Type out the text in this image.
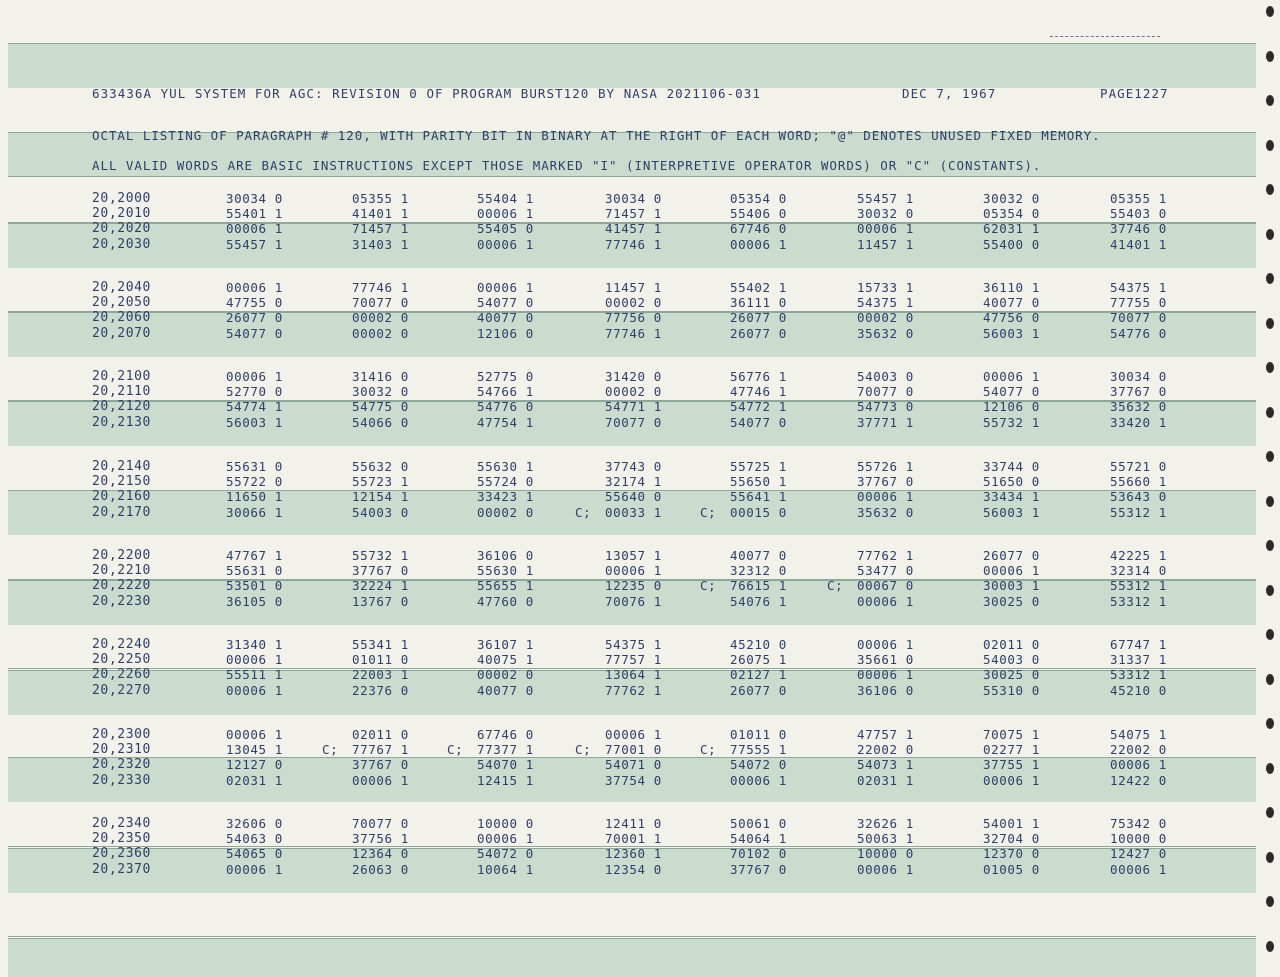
633436A YUL SYSTEM FOR AGC: REVISION 0 OF PROGRAM BURST120 BY NASA 2021106-031	DEC 7, 1967	PAGE1227
OCTAL LISTING OF PARAGRAPH # 120, WITH PARITY BIT IN BINARY AT THE RIGHT OF EACH WORD; "@" DENOTES UNUSED FIXED MEMORY.
ALL VALID WORDS ARE BASIC INSTRUCTIONS EXCEPT THOSE MARKED "I" (INTERPRETIVE OPERATOR WORDS) OR "C" (CONSTANTS).
20,2000	30034 0	05355 1	55404 1	30034 0	05354 0	55457 1	30032 0	05355 1
20,2010	55401 1	41401 1	00006 1	71457 1	55406 0	30032 0	05354 0	55403 0
20,2020	00006 1	71457 1	55405 0	41457 1	67746 0	00006 1	62031 1	37746 0
20,2030	55457 1	31403 1	00006 1	77746 1	00006 1	11457 1	55400 0	41401 1
20,2040	00006 1	77746 1	00006 1	11457 1	55402 1	15733 1	36110 1	54375 1
20,2050	47755 0	70077 0	54077 0	00002 0	36111 0	54375 1	40077 0	77755 0
20,2060	26077 0	00002 0	40077 0	77756 0	26077 0	00002 0	47756 0	70077 0
20,2070	54077 0	00002 0	12106 0	77746 1	26077 0	35632 0	56003 1	54776 0
20,2100	00006 1	31416 0	52775 0	31420 0	56776 1	54003 0	00006 1	30034 0
20,2110	52770 0	30032 0	54766 1	00002 0	47746 1	70077 0	54077 0	37767 0
20,2120	54774 1	54775 0	54776 0	54771 1	54772 1	54773 0	12106 0	35632 0
20,2130	56003 1	54066 0	47754 1	70077 0	54077 0	37771 1	55732 1	33420 1
20,2140	55631 0	55632 0	55630 1	37743 0	55725 1	55726 1	33744 0	55721 0
20,2150	55722 0	55723 1	55724 0	32174 1	55650 1	37767 0	51650 0	55660 1
20,2160	11650 1	12154 1	33423 1	55640 0	55641 1	00006 1	33434 1	53643 0
20,2170	30066 1	54003 0	00002 0	C; 00033 1	C; 00015 0	35632 0	56003 1	55312 1
20,2200	47767 1	55732 1	36106 0	13057 1	40077 0	77762 1	26077 0	42225 1
20,2210	55631 0	37767 0	55630 1	00006 1	32312 0	53477 0	00006 1	32314 0
20,2220	53501 0	32224 1	55655 1	12235 0	C; 76615 1	C; 00067 0	30003 1	55312 1
20,2230	36105 0	13767 0	47760 0	70076 1	54076 1	00006 1	30025 0	53312 1
20,2240	31340 1	55341 1	36107 1	54375 1	45210 0	00006 1	02011 0	67747 1
20,2250	00006 1	01011 0	40075 1	77757 1	26075 1	35661 0	54003 0	31337 1
20,2260	55511 1	22003 1	00002 0	13064 1	02127 1	00006 1	30025 0	53312 1
20,2270	00006 1	22376 0	40077 0	77762 1	26077 0	36106 0	55310 0	45210 0
20,2300	00006 1	02011 0	67746 0	00006 1	01011 0	47757 1	70075 1	54075 1
20,2310	13045 1	C; 77767 1	C; 77377 1	C; 77001 0	C; 77555 1	22002 0	02277 1	22002 0
20,2320	12127 0	37767 0	54070 1	54071 0	54072 0	54073 1	37755 1	00006 1
20,2330	02031 1	00006 1	12415 1	37754 0	00006 1	02031 1	00006 1	12422 0
20,2340	32606 0	70077 0	10000 0	12411 0	50061 0	32626 1	54001 1	75342 0
20,2350	54063 0	37756 1	00006 1	70001 1	54064 1	50063 1	32704 0	10000 0
20,2360	54065 0	12364 0	54072 0	12360 1	70102 0	10000 0	12370 0	12427 0
20,2370	00006 1	26063 0	10064 1	12354 0	37767 0	00006 1	01005 0	00006 1
